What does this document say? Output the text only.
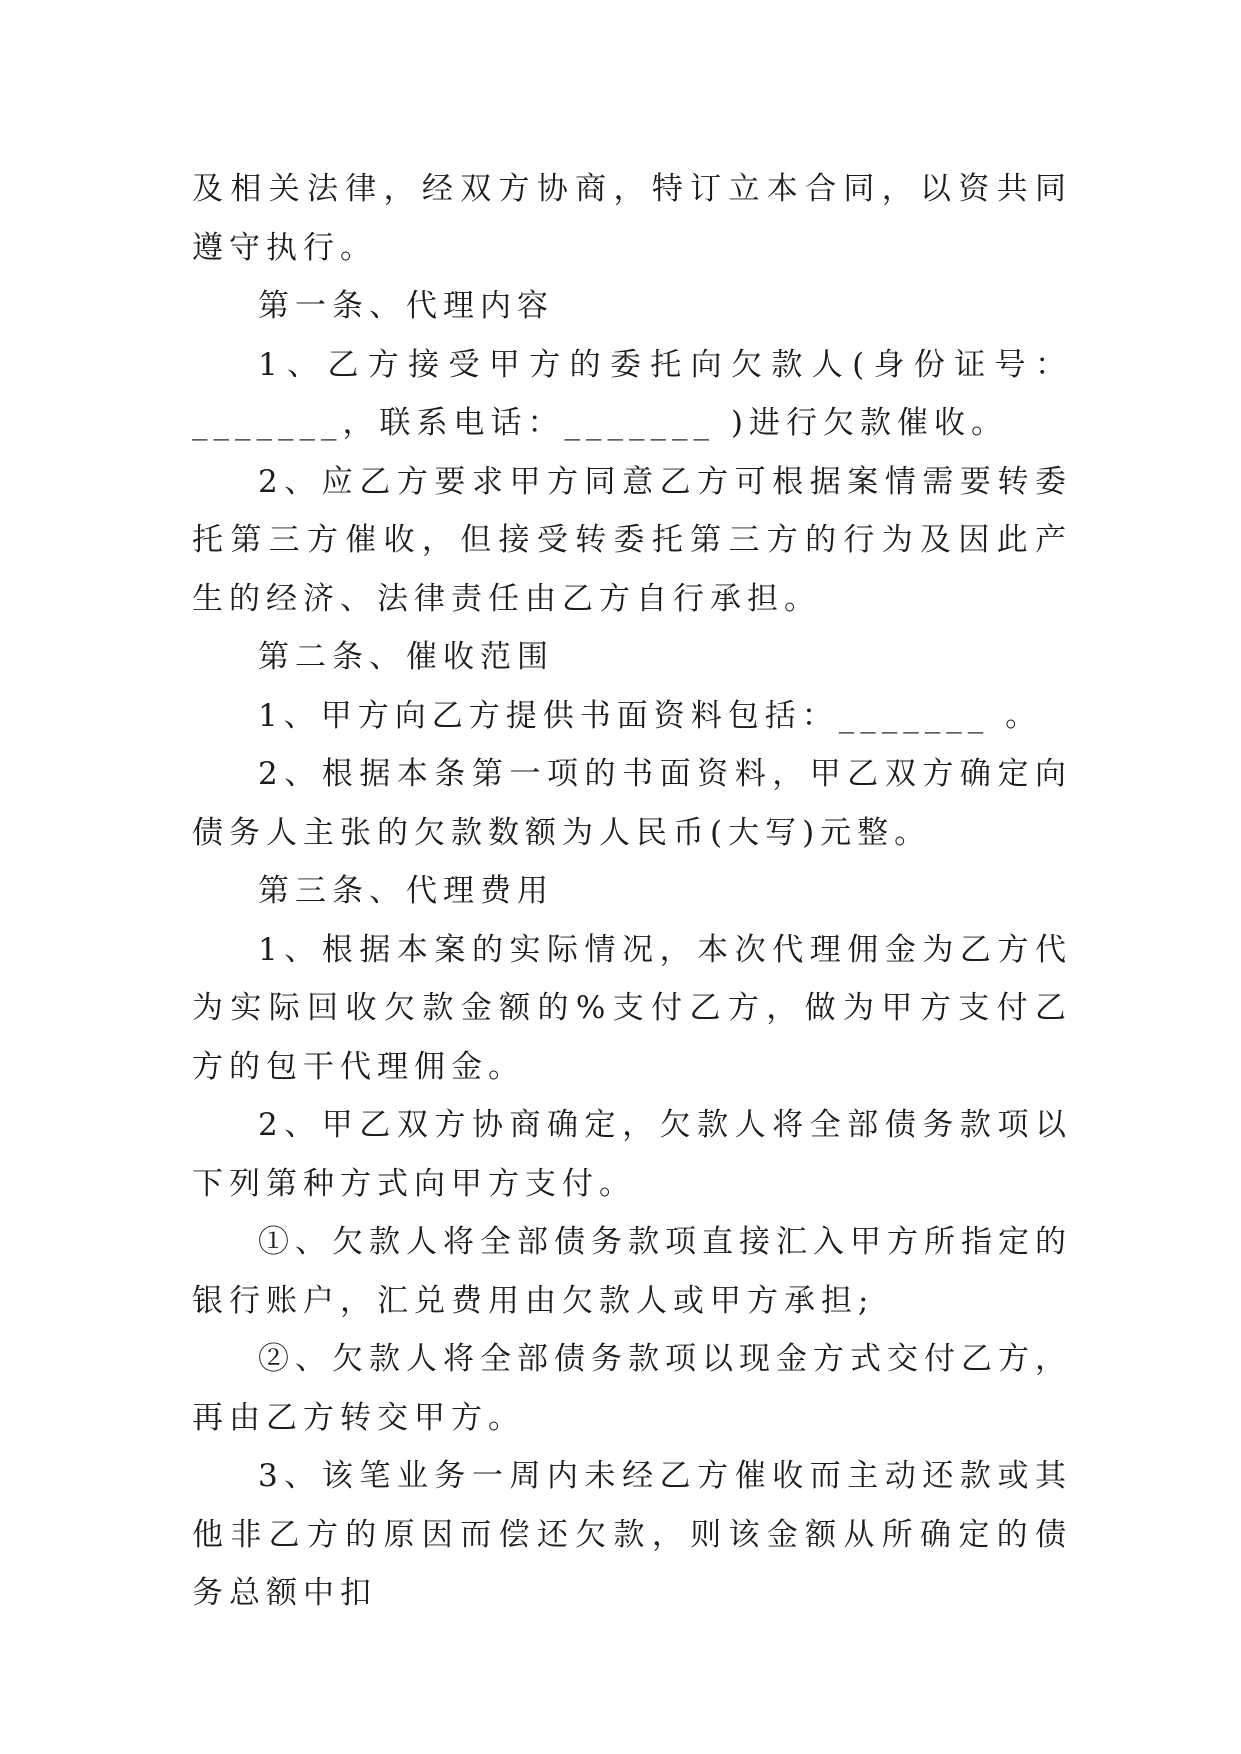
及相关法律，经双方协商，特订立本合同，以资共同遵守执行。

第一条、代理内容

1、乙方接受甲方的委托向欠款人(身份证号：_______，联系电话：_______ )进行欠款催收。

2、应乙方要求甲方同意乙方可根据案情需要转委托第三方催收，但接受转委托第三方的行为及因此产生的经济、法律责任由乙方自行承担。

第二条、催收范围

1、甲方向乙方提供书面资料包括：_______ 。

2、根据本条第一项的书面资料，甲乙双方确定向债务人主张的欠款数额为人民币(大写)元整。

第三条、代理费用

1、根据本案的实际情况，本次代理佣金为乙方代为实际回收欠款金额的%支付乙方，做为甲方支付乙方的包干代理佣金。

2、甲乙双方协商确定，欠款人将全部债务款项以下列第种方式向甲方支付。

①、欠款人将全部债务款项直接汇入甲方所指定的银行账户，汇兑费用由欠款人或甲方承担;

②、欠款人将全部债务款项以现金方式交付乙方，再由乙方转交甲方。

3、该笔业务一周内未经乙方催收而主动还款或其他非乙方的原因而偿还欠款，则该金额从所确定的债务总额中扣
